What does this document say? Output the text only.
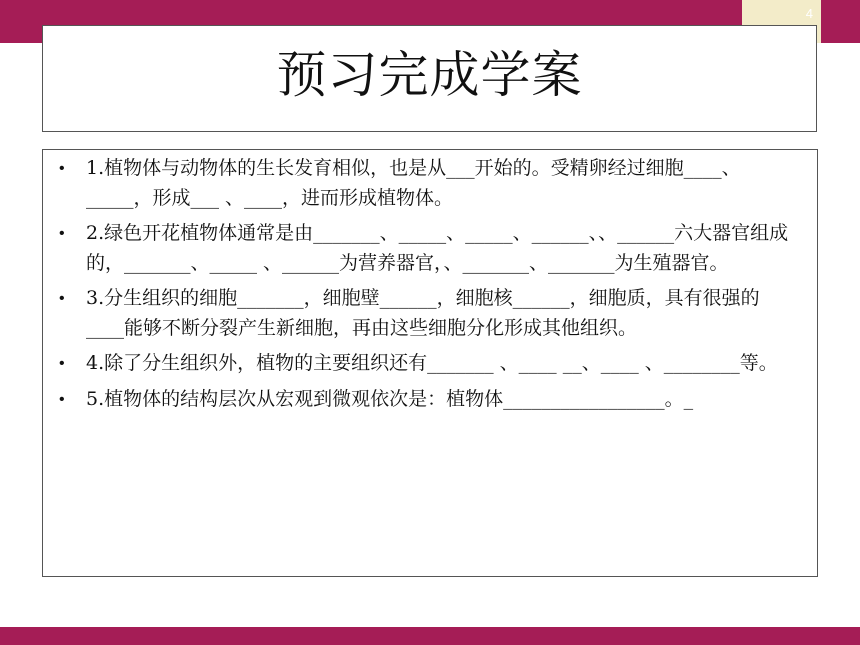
4
预习完成学案
• 1.植物体与动物体的生长发育相似，也是从___开始的。受精卵经过细胞____、_____，形成___ 、____，进而形成植物体。
• 2.绿色开花植物体通常是由_______、_____、_____、______、、______六大器官组成的，_______、_____ 、______为营养器官，、_______、_______为生殖器官。
• 3.分生组织的细胞_______，细胞壁______，细胞核______，细胞质，具有很强的____能够不断分裂产生新细胞，再由这些细胞分化形成其他组织。
• 4.除了分生组织外，植物的主要组织还有_______ 、____ __、____ 、________等。
• 5.植物体的结构层次从宏观到微观依次是：植物体_________________。_
